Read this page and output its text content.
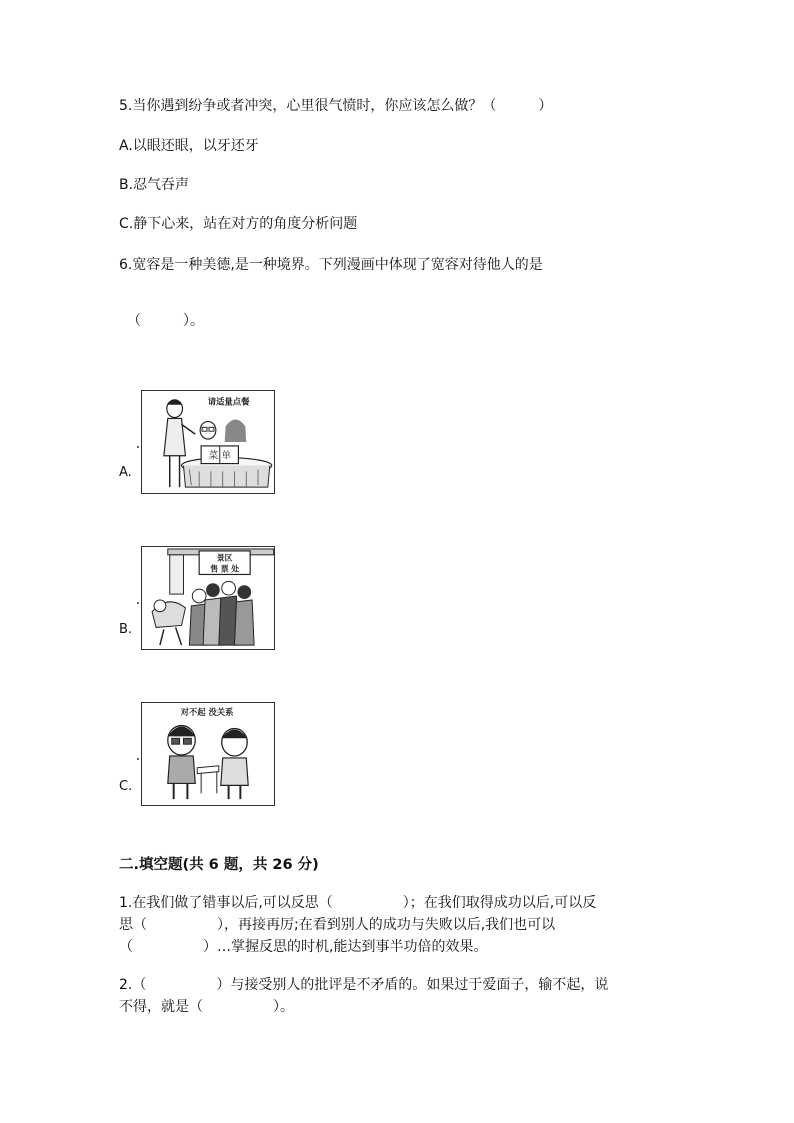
5.当你遇到纷争或者冲突，心里很气愤时，你应该怎么做？（　　　）
A.以眼还眼，以牙还牙
B.忍气吞声
C.静下心来，站在对方的角度分析问题
6.宽容是一种美德,是一种境界。下列漫画中体现了宽容对待他人的是
（　　　）。
菜 单
请适量点餐
A.
景区
售 票 处
B.
对不起 没关系
C.
二.填空题(共 6 题，共 26 分)
1.在我们做了错事以后,可以反思（　　　　　）；在我们取得成功以后,可以反
思（　　　　　），再接再厉;在看到别人的成功与失败以后,我们也可以
（　　　　　）…掌握反思的时机,能达到事半功倍的效果。
2.（　　　　　）与接受别人的批评是不矛盾的。如果过于爱面子，输不起，说
不得，就是（　　　　　）。
